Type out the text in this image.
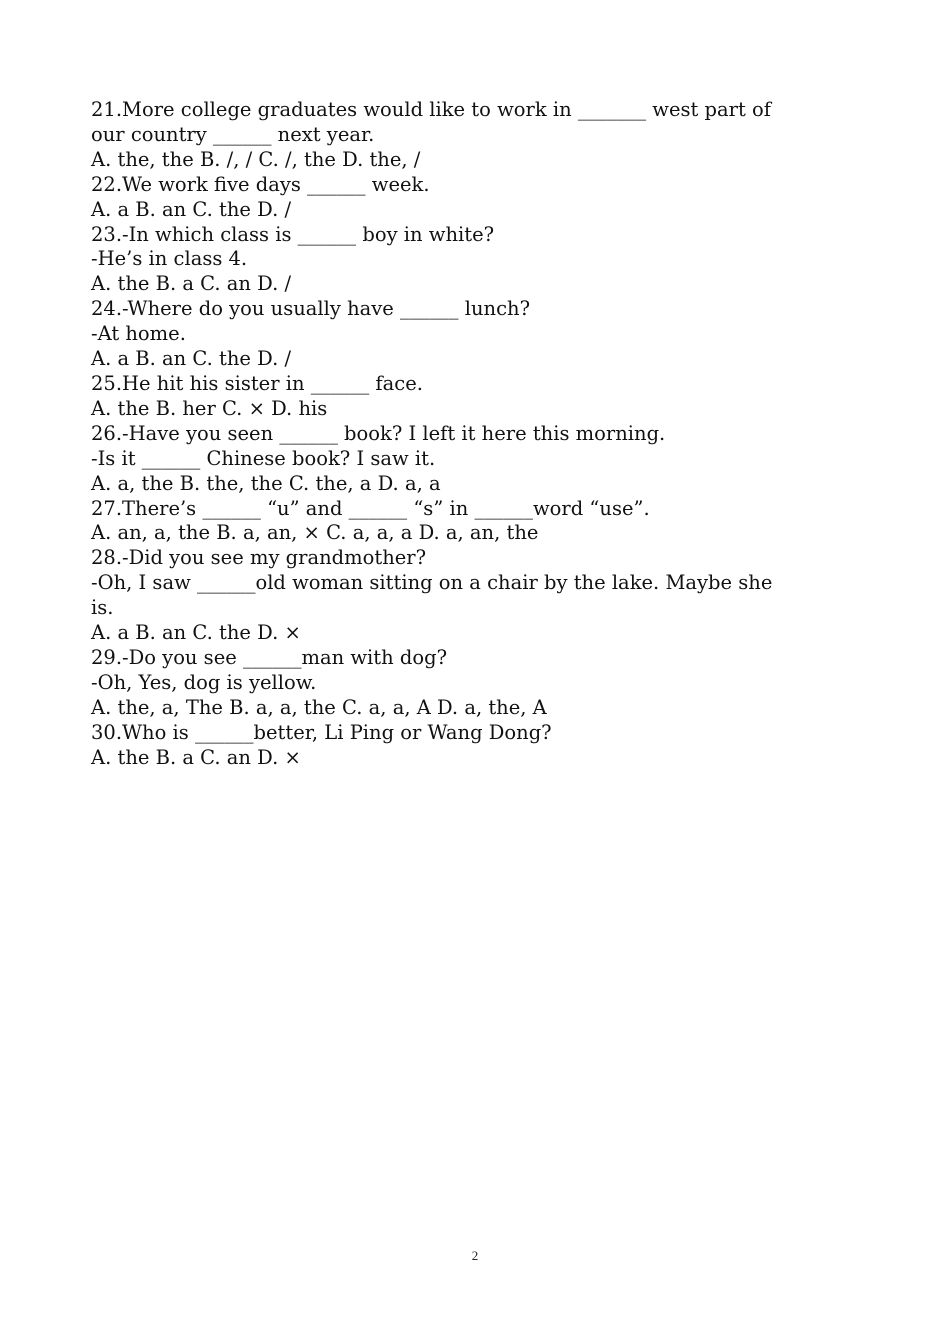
21.More college graduates would like to work in _______ west part of
our country ______ next year.
A. the, the B. /, / C. /, the D. the, /
22.We work five days ______ week.
A. a B. an C. the D. /
23.-In which class is ______ boy in white?
-He’s in class 4.
A. the B. a C. an D. /
24.-Where do you usually have ______ lunch?
-At home.
A. a B. an C. the D. /
25.He hit his sister in ______ face.
A. the B. her C. × D. his
26.-Have you seen ______ book? I left it here this morning.
-Is it ______ Chinese book? I saw it.
A. a, the B. the, the C. the, a D. a, a
27.There’s ______ “u” and ______ “s” in ______word “use”.
A. an, a, the B. a, an, × C. a, a, a D. a, an, the
28.-Did you see my grandmother?
-Oh, I saw ______old woman sitting on a chair by the lake. Maybe she
is.
A. a B. an C. the D. ×
29.-Do you see ______man with dog?
-Oh, Yes, dog is yellow.
A. the, a, The B. a, a, the C. a, a, A D. a, the, A
30.Who is ______better, Li Ping or Wang Dong?
A. the B. a C. an D. ×
2
